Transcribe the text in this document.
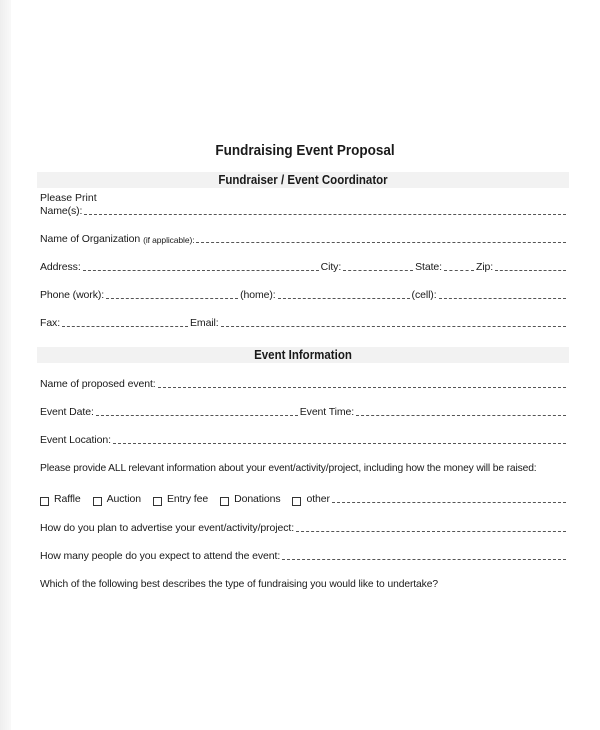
Fundraising Event Proposal
Fundraiser / Event Coordinator
Please Print
Name(s):
Name of Organization (if applicable):
Address:	City:	State:	Zip:
Phone (work):	(home):	(cell):
Fax:	Email:
Event Information
Name of proposed event:
Event Date:	Event Time:
Event Location:
Please provide ALL relevant information about your event/activity/project, including how the money will be raised:
Raffle Auction Entry fee Donations other
How do you plan to advertise your event/activity/project:
How many people do you expect to attend the event:
Which of the following best describes the type of fundraising you would like to undertake?
